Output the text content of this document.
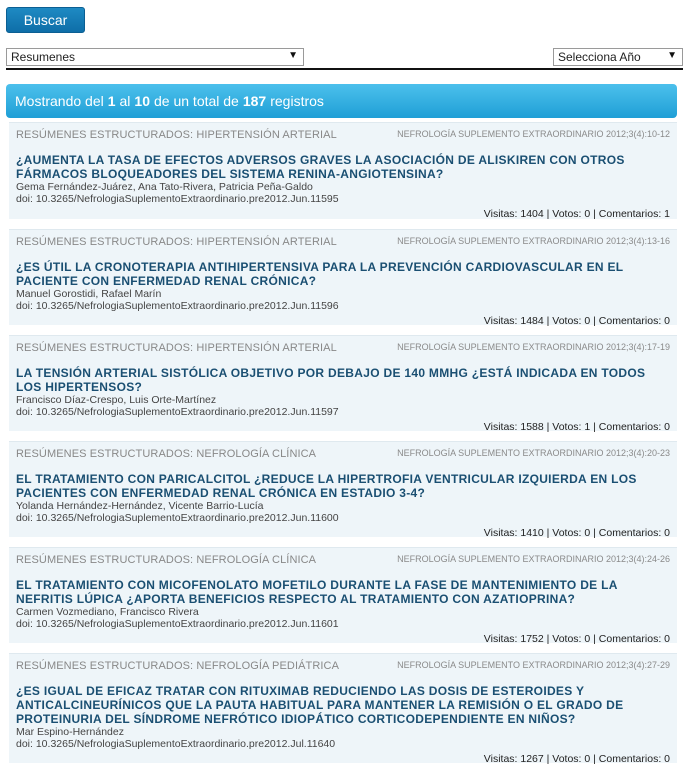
Buscar
Resumenes	▼	Selecciona Año	▼
Mostrando del 1 al 10 de un total de 187 registros
RESÚMENES ESTRUCTURADOS: HIPERTENSIÓN ARTERIAL	NEFROLOGÍA SUPLEMENTO EXTRAORDINARIO 2012;3(4):10-12
¿AUMENTA LA TASA DE EFECTOS ADVERSOS GRAVES LA ASOCIACIÓN DE ALISKIREN CON OTROS FÁRMACOS BLOQUEADORES DEL SISTEMA RENINA-ANGIOTENSINA?
Gema Fernández-Juárez, Ana Tato-Rivera, Patricia Peña-Galdo
doi: 10.3265/NefrologiaSuplementoExtraordinario.pre2012.Jun.11595
Visitas: 1404 | Votos: 0 | Comentarios: 1
RESÚMENES ESTRUCTURADOS: HIPERTENSIÓN ARTERIAL	NEFROLOGÍA SUPLEMENTO EXTRAORDINARIO 2012;3(4):13-16
¿ES ÚTIL LA CRONOTERAPIA ANTIHIPERTENSIVA PARA LA PREVENCIÓN CARDIOVASCULAR EN EL PACIENTE CON ENFERMEDAD RENAL CRÓNICA?
Manuel Gorostidi, Rafael Marín
doi: 10.3265/NefrologiaSuplementoExtraordinario.pre2012.Jun.11596
Visitas: 1484 | Votos: 0 | Comentarios: 0
RESÚMENES ESTRUCTURADOS: HIPERTENSIÓN ARTERIAL	NEFROLOGÍA SUPLEMENTO EXTRAORDINARIO 2012;3(4):17-19
LA TENSIÓN ARTERIAL SISTÓLICA OBJETIVO POR DEBAJO DE 140 MMHG ¿ESTÁ INDICADA EN TODOS LOS HIPERTENSOS?
Francisco Díaz-Crespo, Luis Orte-Martínez
doi: 10.3265/NefrologiaSuplementoExtraordinario.pre2012.Jun.11597
Visitas: 1588 | Votos: 1 | Comentarios: 0
RESÚMENES ESTRUCTURADOS: NEFROLOGÍA CLÍNICA	NEFROLOGÍA SUPLEMENTO EXTRAORDINARIO 2012;3(4):20-23
EL TRATAMIENTO CON PARICALCITOL ¿REDUCE LA HIPERTROFIA VENTRICULAR IZQUIERDA EN LOS PACIENTES CON ENFERMEDAD RENAL CRÓNICA EN ESTADIO 3-4?
Yolanda Hernández-Hernández, Vicente Barrio-Lucía
doi: 10.3265/NefrologiaSuplementoExtraordinario.pre2012.Jun.11600
Visitas: 1410 | Votos: 0 | Comentarios: 0
RESÚMENES ESTRUCTURADOS: NEFROLOGÍA CLÍNICA	NEFROLOGÍA SUPLEMENTO EXTRAORDINARIO 2012;3(4):24-26
EL TRATAMIENTO CON MICOFENOLATO MOFETILO DURANTE LA FASE DE MANTENIMIENTO DE LA NEFRITIS LÚPICA ¿APORTA BENEFICIOS RESPECTO AL TRATAMIENTO CON AZATIOPRINA?
Carmen Vozmediano, Francisco Rivera
doi: 10.3265/NefrologiaSuplementoExtraordinario.pre2012.Jun.11601
Visitas: 1752 | Votos: 0 | Comentarios: 0
RESÚMENES ESTRUCTURADOS: NEFROLOGÍA PEDIÁTRICA	NEFROLOGÍA SUPLEMENTO EXTRAORDINARIO 2012;3(4):27-29
¿ES IGUAL DE EFICAZ TRATAR CON RITUXIMAB REDUCIENDO LAS DOSIS DE ESTEROIDES Y ANTICALCINEURÍNICOS QUE LA PAUTA HABITUAL PARA MANTENER LA REMISIÓN O EL GRADO DE PROTEINURIA DEL SÍNDROME NEFRÓTICO IDIOPÁTICO CORTICODEPENDIENTE EN NIÑOS?
Mar Espino-Hernández
doi: 10.3265/NefrologiaSuplementoExtraordinario.pre2012.Jul.11640
Visitas: 1267 | Votos: 0 | Comentarios: 0
